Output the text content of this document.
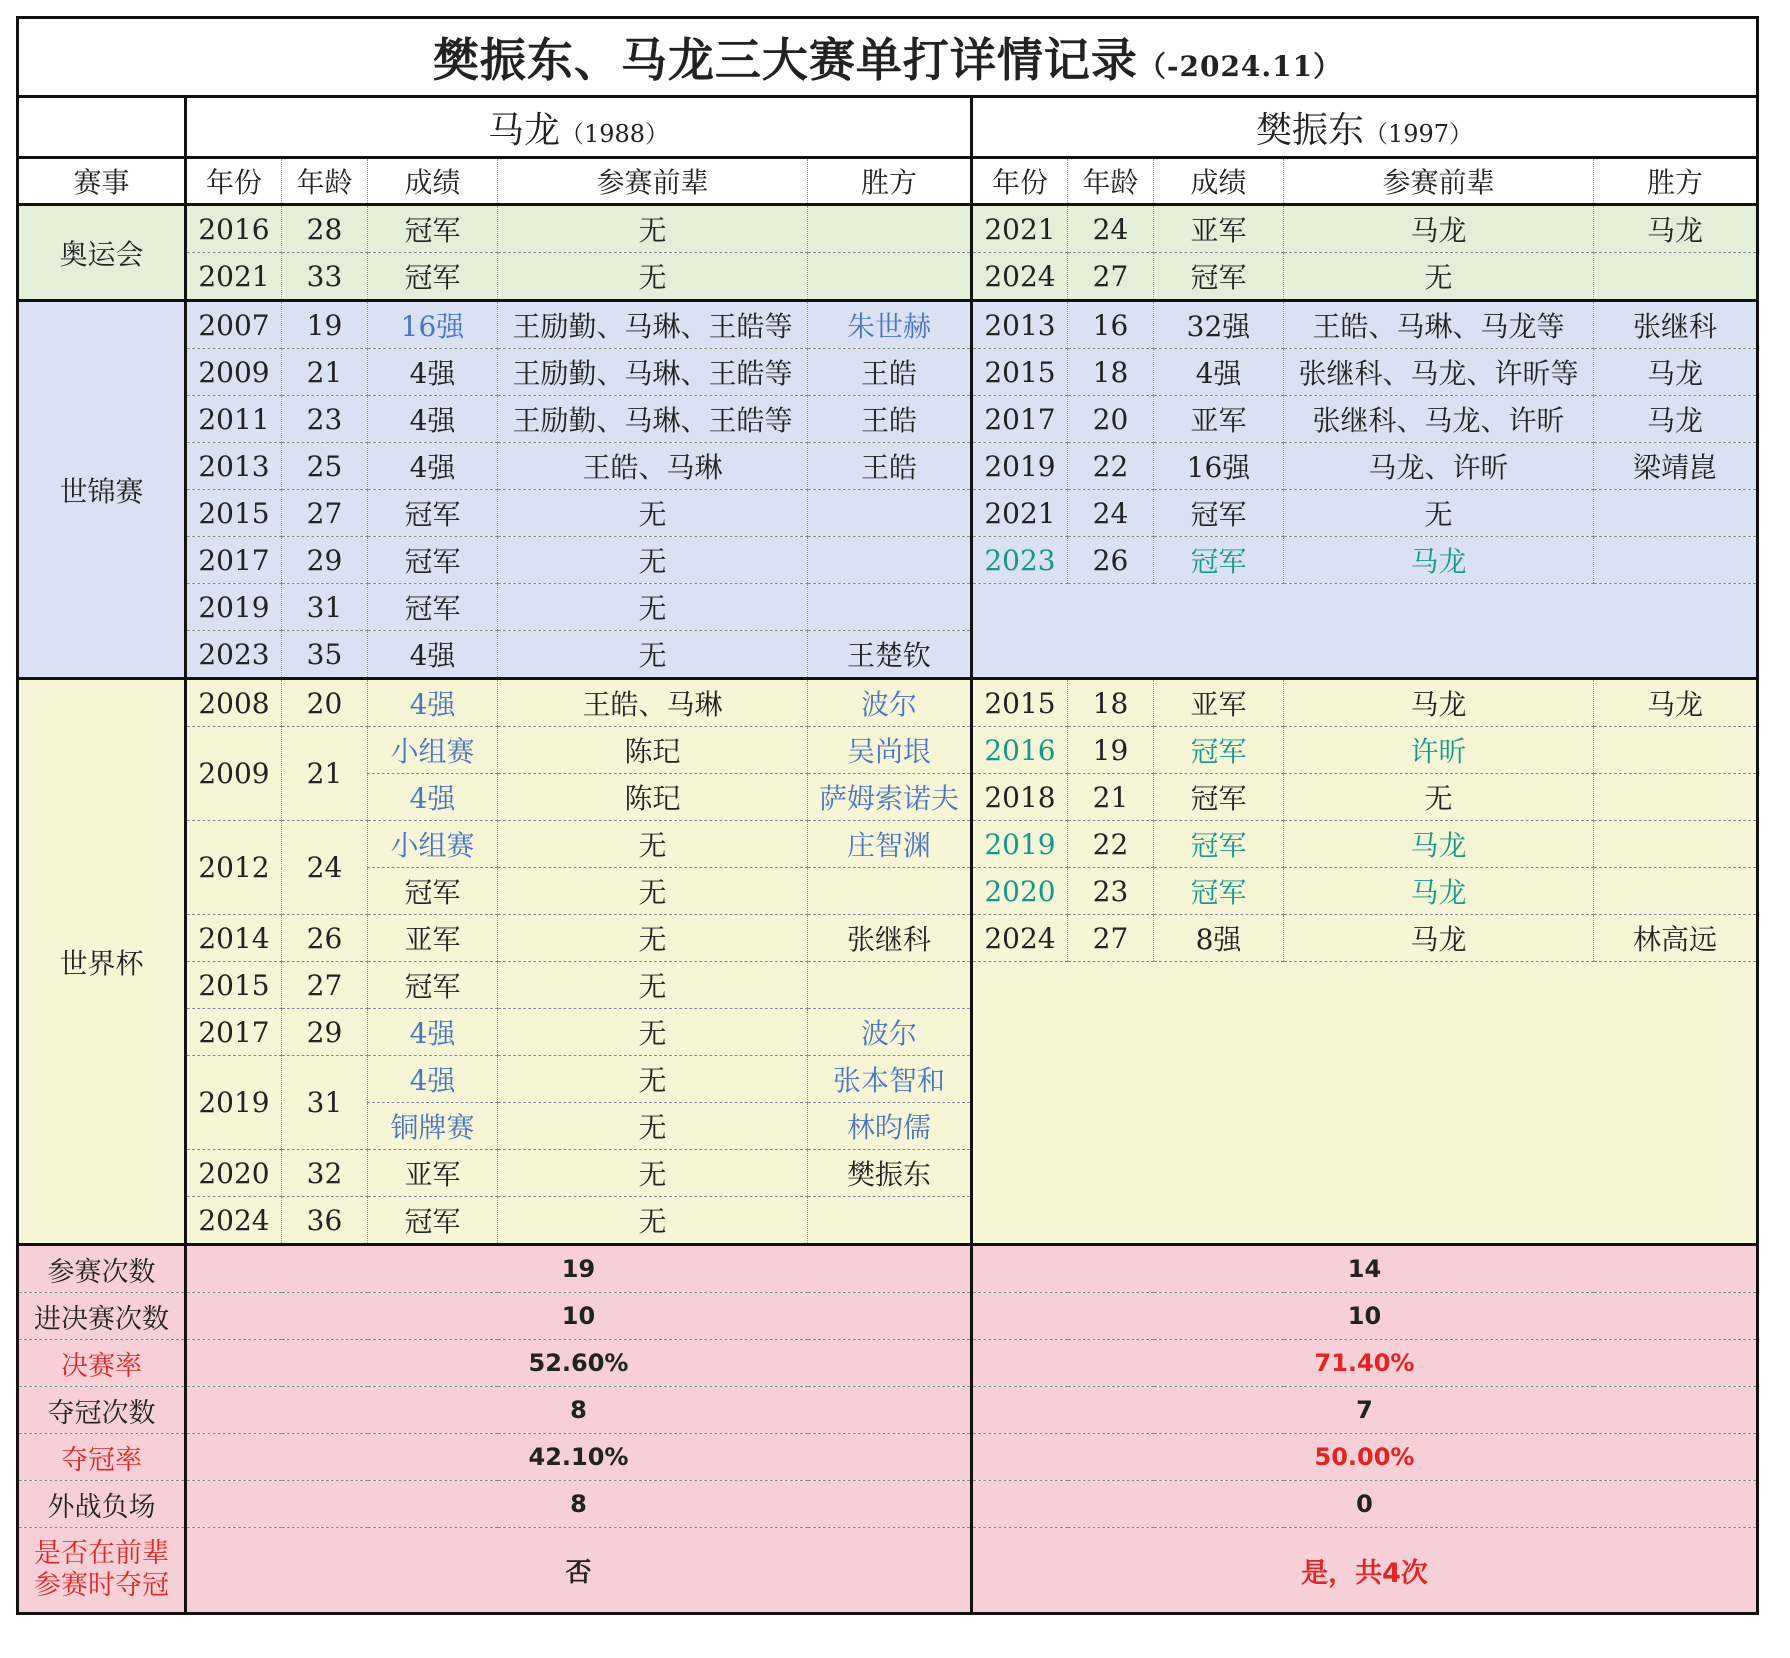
樊振东、马龙三大赛单打详情记录（-2024.11）										
	马龙（1988）					樊振东（1997）				
赛事	年份	年龄	成绩	参赛前辈	胜方	年份	年龄	成绩	参赛前辈	胜方
奥运会	2016	28	冠军	无		2021	24	亚军	马龙	马龙
	2021	33	冠军	无		2024	27	冠军	无	
世锦赛	2007	19	16强	王励勤、马琳、王皓等	朱世赫	2013	16	32强	王皓、马琳、马龙等	张继科
	2009	21	4强	王励勤、马琳、王皓等	王皓	2015	18	4强	张继科、马龙、许昕等	马龙
	2011	23	4强	王励勤、马琳、王皓等	王皓	2017	20	亚军	张继科、马龙、许昕	马龙
	2013	25	4强	王皓、马琳	王皓	2019	22	16强	马龙、许昕	梁靖崑
	2015	27	冠军	无		2021	24	冠军	无	
	2017	29	冠军	无		2023	26	冠军	马龙	
	2019	31	冠军	无						
	2023	35	4强	无	王楚钦					
世界杯	2008	20	4强	王皓、马琳	波尔	2015	18	亚军	马龙	马龙
	2009	21	小组赛	陈玘	吴尚垠	2016	19	冠军	许昕	
			4强	陈玘	萨姆索诺夫	2018	21	冠军	无	
	2012	24	小组赛	无	庄智渊	2019	22	冠军	马龙	
			冠军	无		2020	23	冠军	马龙	
	2014	26	亚军	无	张继科	2024	27	8强	马龙	林高远
	2015	27	冠军	无						
	2017	29	4强	无	波尔					
	2019	31	4强	无	张本智和					
			铜牌赛	无	林昀儒					
	2020	32	亚军	无	樊振东					
	2024	36	冠军	无						
参赛次数	19					14				
进决赛次数	10					10				
决赛率	52.60%					71.40%				
夺冠次数	8					7				
夺冠率	42.10%					50.00%				
外战负场	8					0				
是否在前辈
参赛时夺冠	否					是，共4次				
